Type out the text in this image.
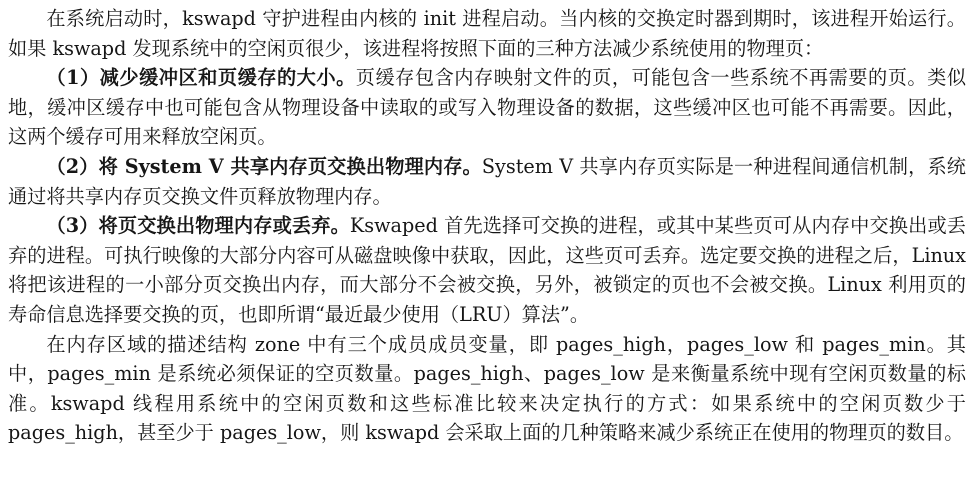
在系统启动时，kswapd 守护进程由内核的 init 进程启动。当内核的交换定时器到期时，该进程开始运行。如果 kswapd 发现系统中的空闲页很少，该进程将按照下面的三种方法减少系统使用的物理页：

（1）减少缓冲区和页缓存的大小。页缓存包含内存映射文件的页，可能包含一些系统不再需要的页。类似地，缓冲区缓存中也可能包含从物理设备中读取的或写入物理设备的数据，这些缓冲区也可能不再需要。因此，这两个缓存可用来释放空闲页。

（2）将 System V 共享内存页交换出物理内存。System V 共享内存页实际是一种进程间通信机制，系统通过将共享内存页交换文件页释放物理内存。

（3）将页交换出物理内存或丢弃。Kswaped 首先选择可交换的进程，或其中某些页可从内存中交换出或丢弃的进程。可执行映像的大部分内容可从磁盘映像中获取，因此，这些页可丢弃。选定要交换的进程之后，Linux 将把该进程的一小部分页交换出内存，而大部分不会被交换，另外，被锁定的页也不会被交换。Linux 利用页的寿命信息选择要交换的页，也即所谓“最近最少使用（LRU）算法”。

在内存区域的描述结构 zone 中有三个成员成员变量，即 pages_high，pages_low 和 pages_min。其中，pages_min 是系统必须保证的空页数量。pages_high、pages_low 是来衡量系统中现有空闲页数量的标准。kswapd 线程用系统中的空闲页数和这些标准比较来决定执行的方式：如果系统中的空闲页数少于 pages_high，甚至少于 pages_low，则 kswapd 会采取上面的几种策略来减少系统正在使用的物理页的数目。
